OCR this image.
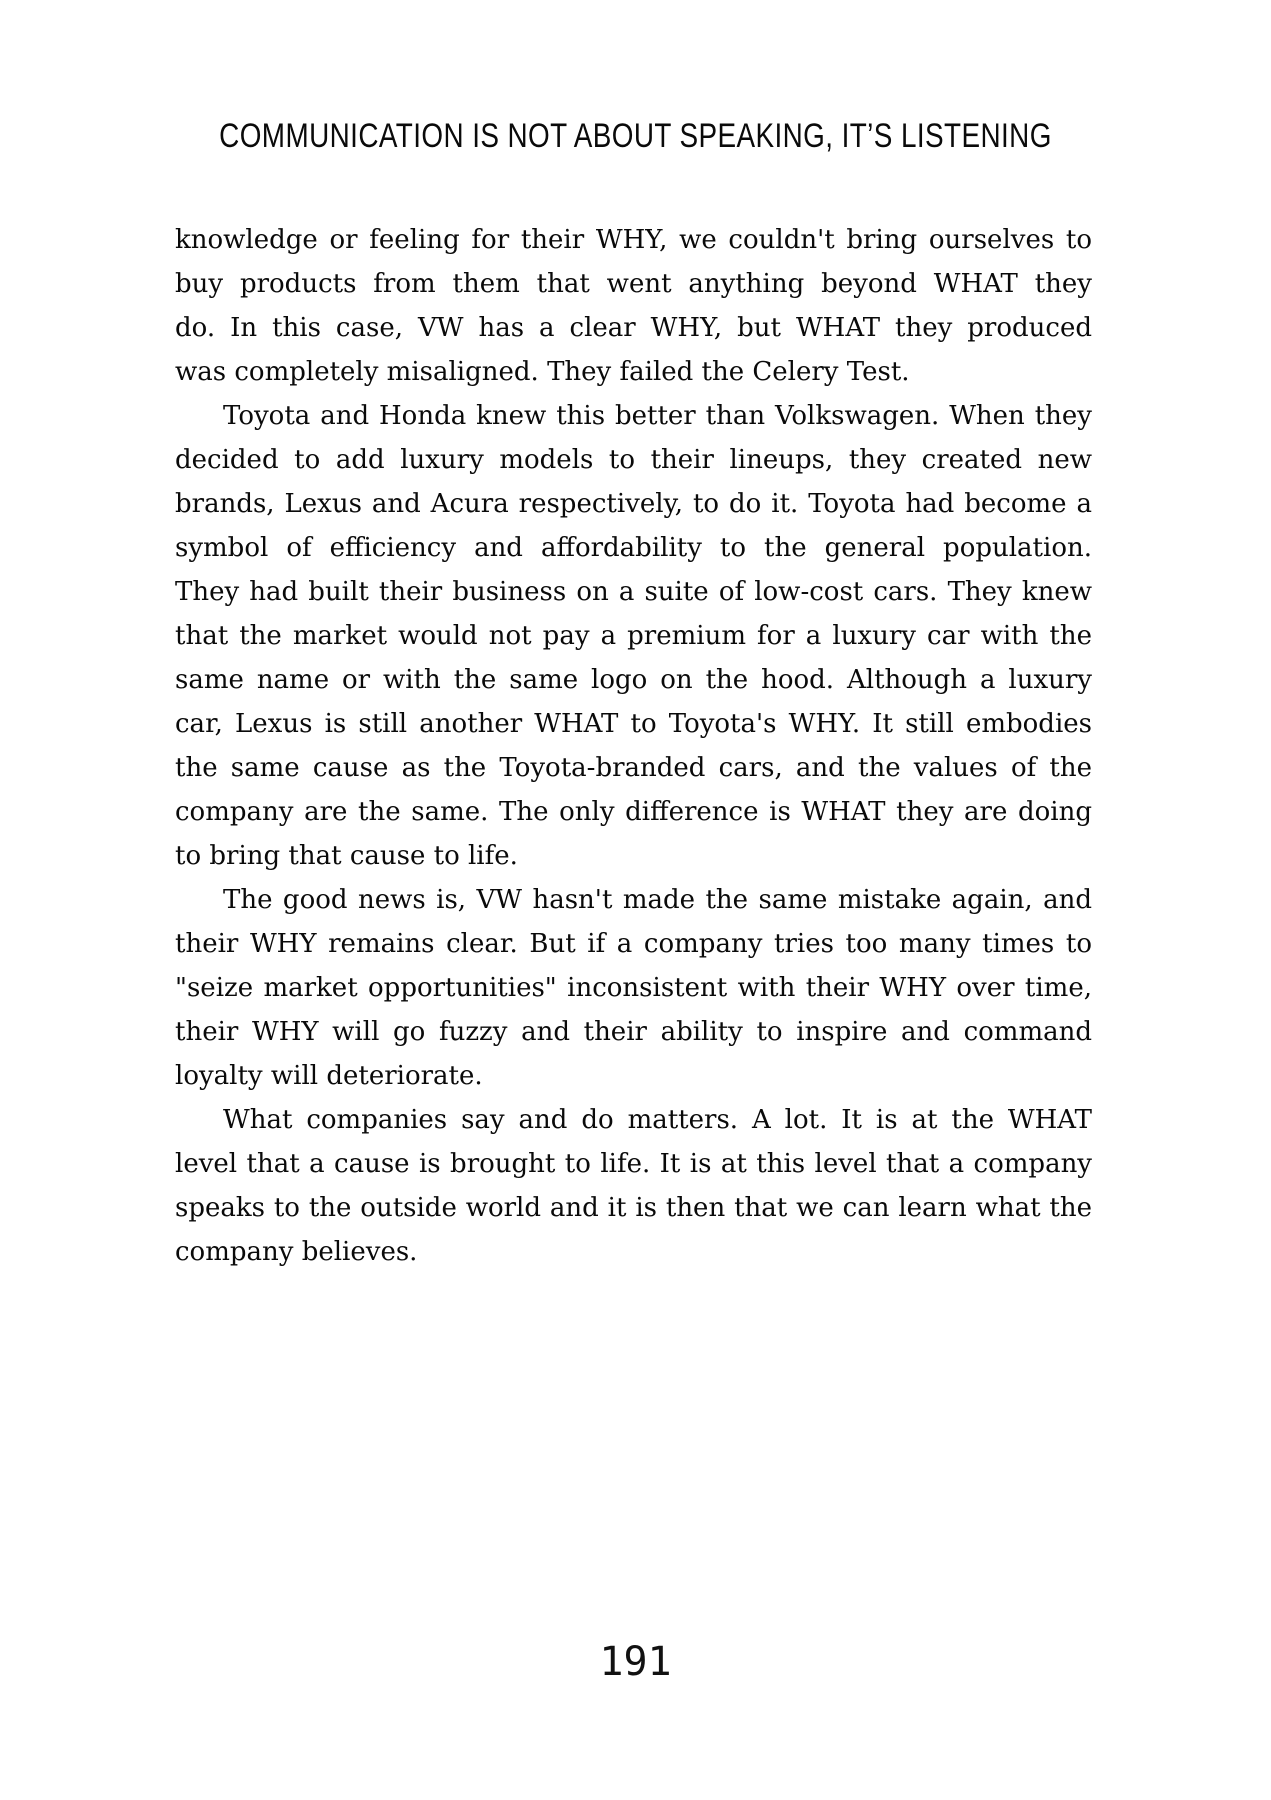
COMMUNICATION IS NOT ABOUT SPEAKING, IT’S LISTENING
knowledge or feeling for their WHY, we couldn't bring ourselves to
buy products from them that went anything beyond WHAT they
do. In this case, VW has a clear WHY, but WHAT they produced
was completely misaligned. They failed the Celery Test.
Toyota and Honda knew this better than Volkswagen. When they
decided to add luxury models to their lineups, they created new
brands, Lexus and Acura respectively, to do it. Toyota had become a
symbol of efficiency and affordability to the general population.
They had built their business on a suite of low-cost cars. They knew
that the market would not pay a premium for a luxury car with the
same name or with the same logo on the hood. Although a luxury
car, Lexus is still another WHAT to Toyota's WHY. It still embodies
the same cause as the Toyota-branded cars, and the values of the
company are the same. The only difference is WHAT they are doing
to bring that cause to life.
The good news is, VW hasn't made the same mistake again, and
their WHY remains clear. But if a company tries too many times to
"seize market opportunities" inconsistent with their WHY over time,
their WHY will go fuzzy and their ability to inspire and command
loyalty will deteriorate.
What companies say and do matters. A lot. It is at the WHAT
level that a cause is brought to life. It is at this level that a company
speaks to the outside world and it is then that we can learn what the
company believes.
191
